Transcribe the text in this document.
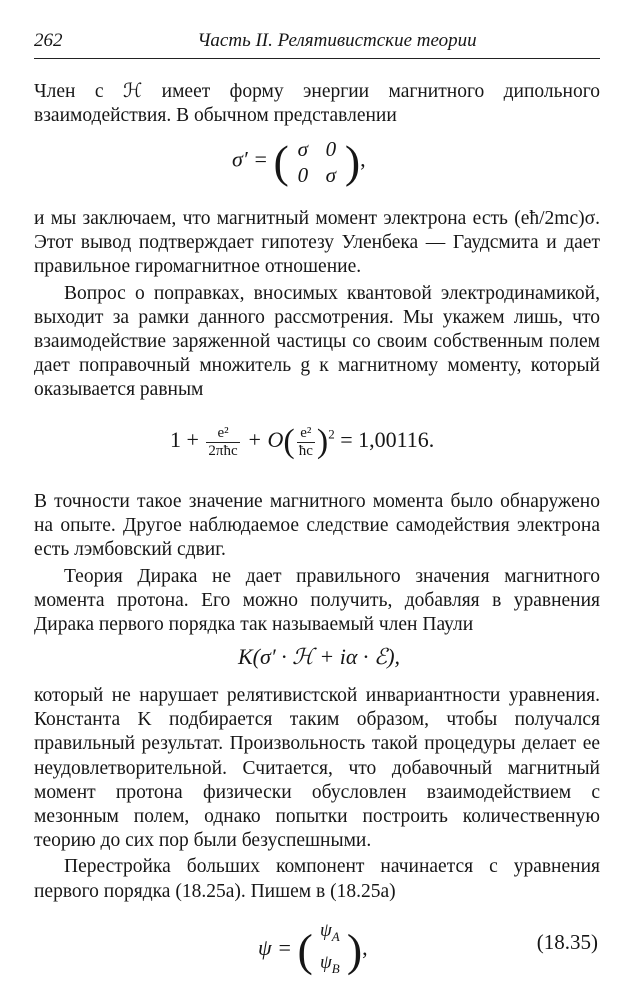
262	Часть II. Релятивистские теории

Член с ℋ имеет форму энергии магнитного дипольного взаимодействия. В обычном представлении

σ′ = ( σ 0
0 σ ),

и мы заключаем, что магнитный момент электрона есть (eħ/2mc)σ. Этот вывод подтверждает гипотезу Уленбека — Гаудсмита и дает правильное гиромагнитное отношение.

Вопрос о поправках, вносимых квантовой электродинамикой, выходит за рамки данного рассмотрения. Мы укажем лишь, что взаимодействие заряженной частицы со своим собственным полем дает поправочный множитель g к магнитному моменту, который оказывается равным

$1 + \frac{\text{e²}}{\text{2πħc}} + O( \frac{\text{e²}}{ħc} )^2 = 1,00116$.

В точности такое значение магнитного момента было обнаружено на опыте. Другое наблюдаемое следствие самодействия электрона есть лэмбовский сдвиг.

Теория Дирака не дает правильного значения магнитного момента протона. Его можно получить, добавляя в уравнения Дирака первого порядка так называемый член Паули

K(σ′ · ℋ + iα · ℰ),

который не нарушает релятивистской инвариантности уравнения. Константа K подбирается таким образом, чтобы получался правильный результат. Произвольность такой процедуры делает ее неудовлетворительной. Считается, что добавочный магнитный момент протона физически обусловлен взаимодействием с мезонным полем, однако попытки построить количественную теорию до сих пор были безуспешными.

Перестройка больших компонент начинается с уравнения первого порядка (18.25а). Пишем в (18.25а)

ψ = ( $\psi_A$
$\psi_B$ ),	(18.35)
